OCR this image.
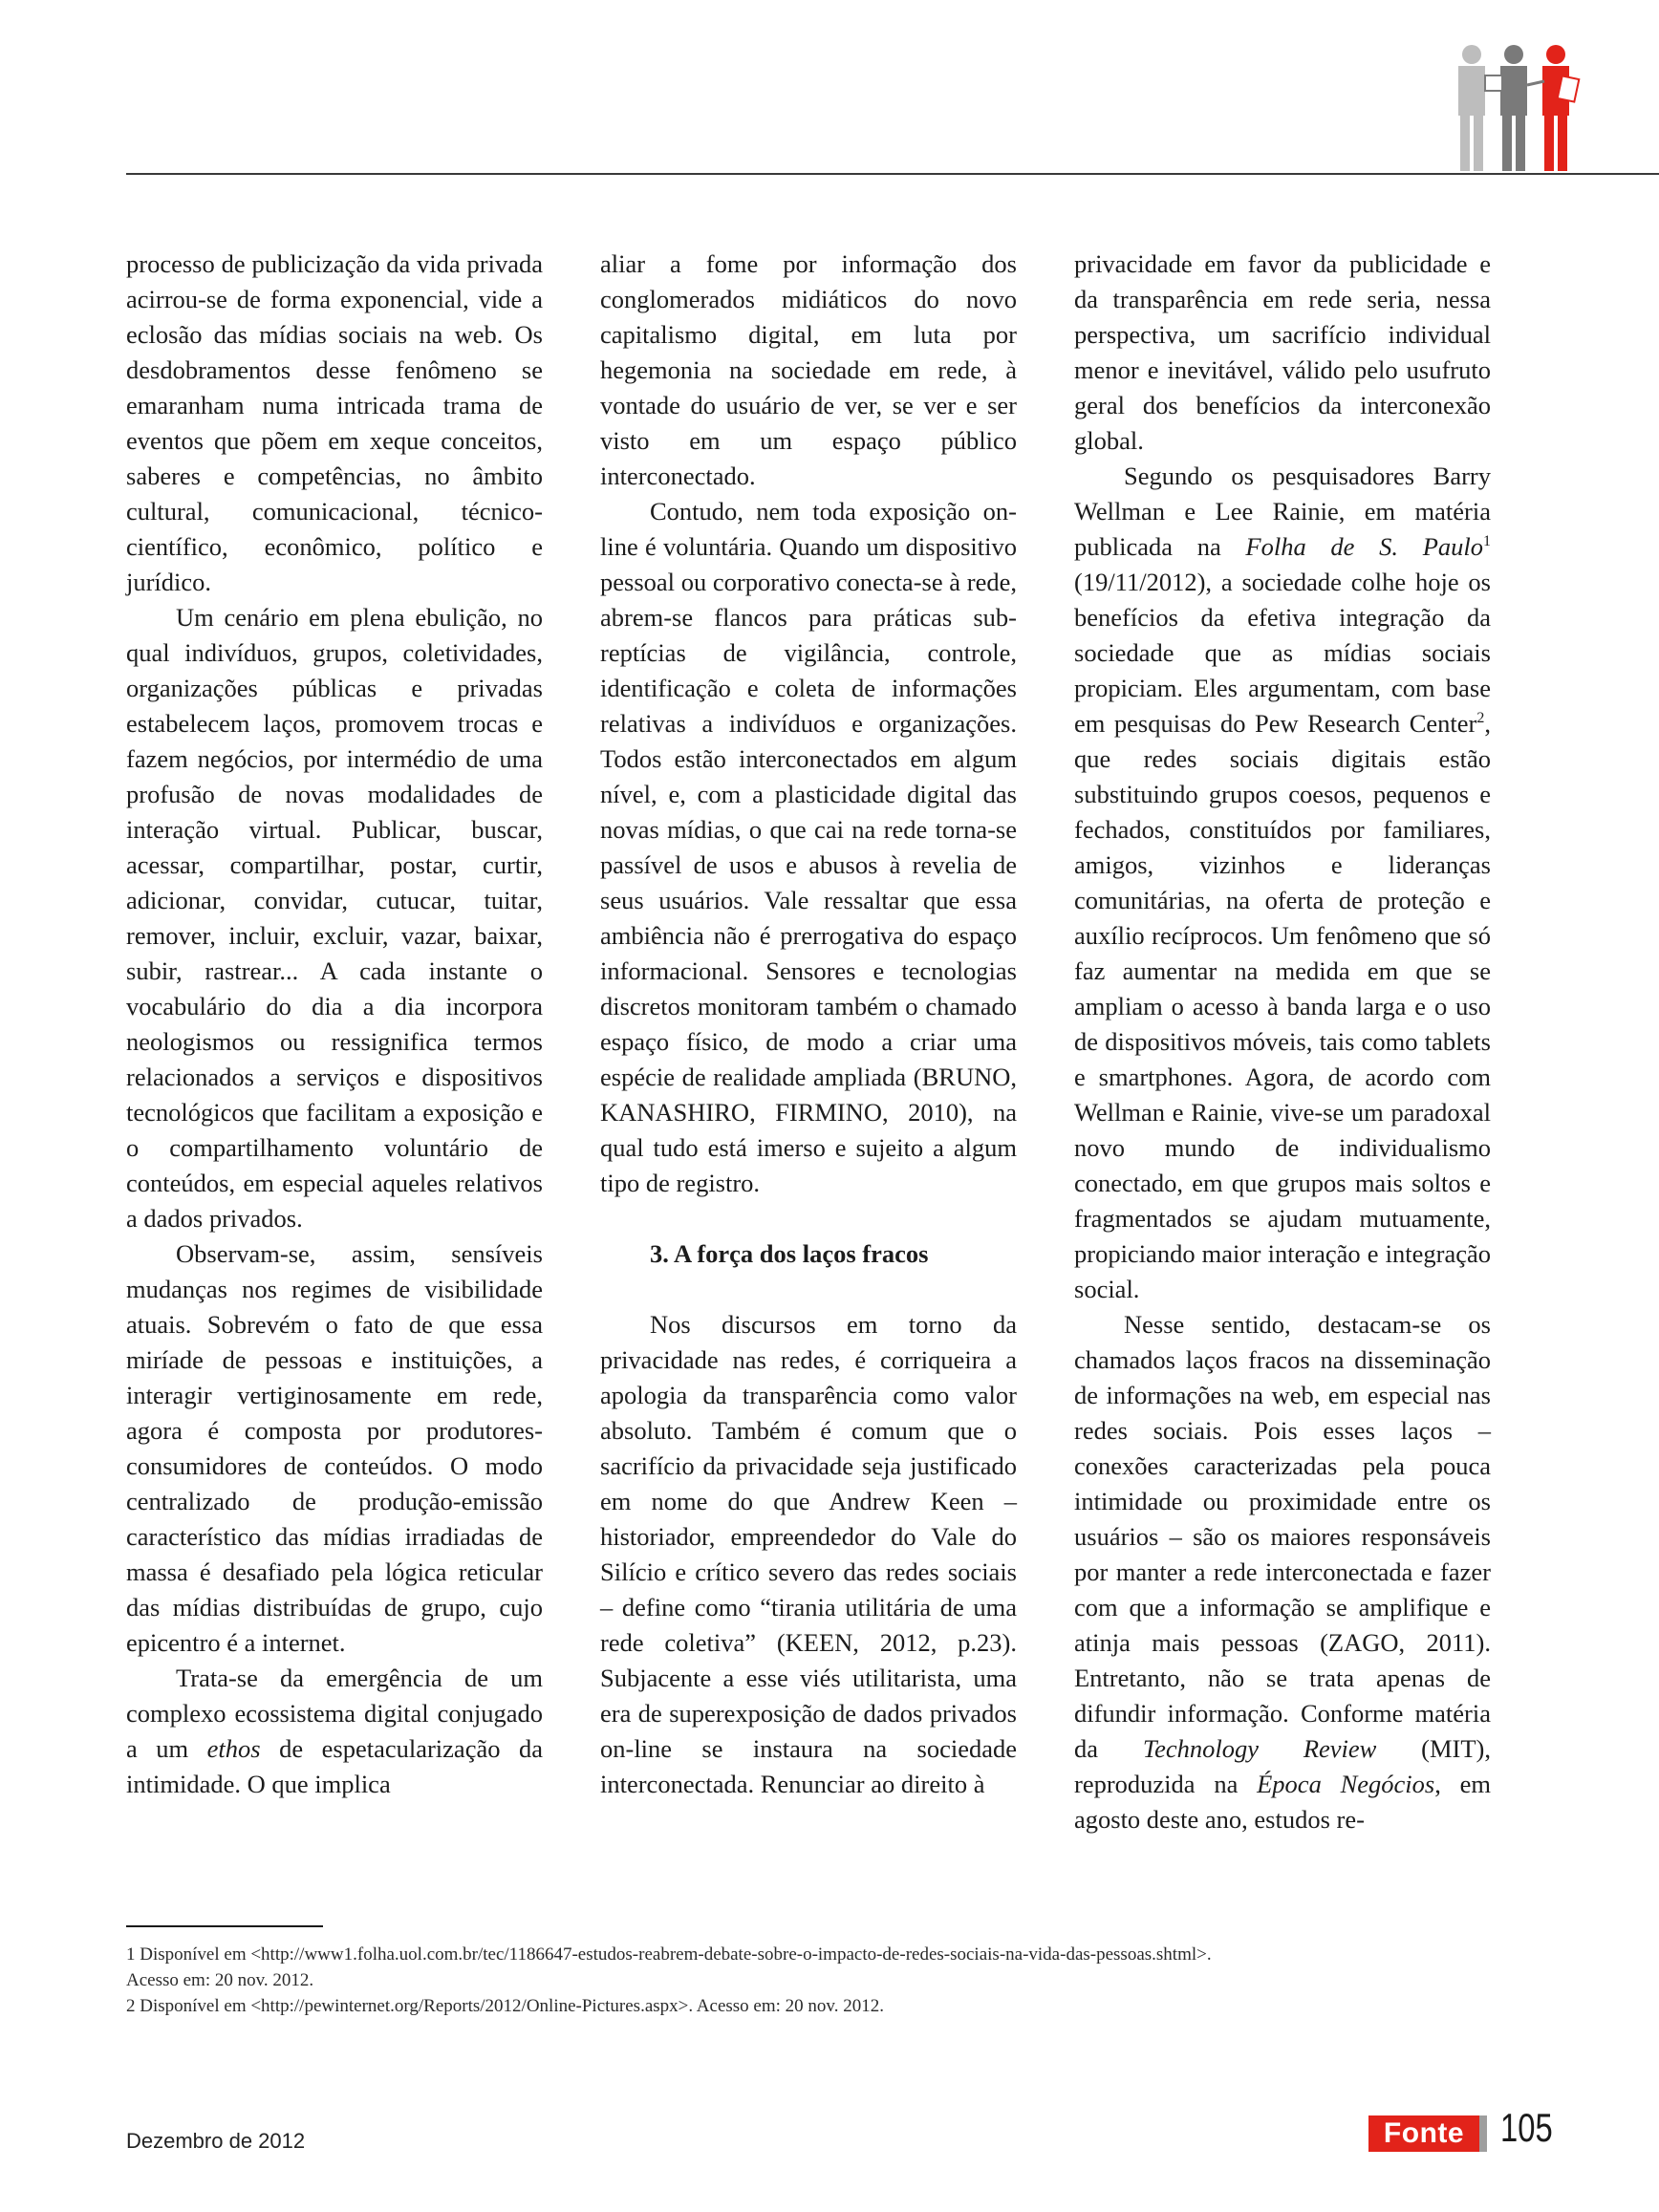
processo de publicização da vida privada acirrou-se de forma exponencial, vide a eclosão das mídias sociais na web. Os desdobramentos desse fenômeno se emaranham numa intricada trama de eventos que põem em xeque conceitos, saberes e competências, no âmbito cultural, comunicacional, técnico-científico, econômico, político e jurídico.

Um cenário em plena ebulição, no qual indivíduos, grupos, coletividades, organizações públicas e privadas estabelecem laços, promovem trocas e fazem negócios, por intermédio de uma profusão de novas modalidades de interação virtual. Publicar, buscar, acessar, compartilhar, postar, curtir, adicionar, convidar, cutucar, tuitar, remover, incluir, excluir, vazar, baixar, subir, rastrear... A cada instante o vocabulário do dia a dia incorpora neologismos ou ressignifica termos relacionados a serviços e dispositivos tecnológicos que facilitam a exposição e o compartilhamento voluntário de conteúdos, em especial aqueles relativos a dados privados.

Observam-se, assim, sensíveis mudanças nos regimes de visibilidade atuais. Sobrevém o fato de que essa miríade de pessoas e instituições, a interagir vertiginosamente em rede, agora é composta por produtores-consumidores de conteúdos. O modo centralizado de produção-emissão característico das mídias irradiadas de massa é desafiado pela lógica reticular das mídias distribuídas de grupo, cujo epicentro é a internet.

Trata-se da emergência de um complexo ecossistema digital conjugado a um ethos de espetacularização da intimidade. O que implica

aliar a fome por informação dos conglomerados midiáticos do novo capitalismo digital, em luta por hegemonia na sociedade em rede, à vontade do usuário de ver, se ver e ser visto em um espaço público interconectado.

Contudo, nem toda exposição on-line é voluntária. Quando um dispositivo pessoal ou corporativo conecta-se à rede, abrem-se flancos para práticas sub-reptícias de vigilância, controle, identificação e coleta de informações relativas a indivíduos e organizações. Todos estão interconectados em algum nível, e, com a plasticidade digital das novas mídias, o que cai na rede torna-se passível de usos e abusos à revelia de seus usuários. Vale ressaltar que essa ambiência não é prerrogativa do espaço informacional. Sensores e tecnologias discretos monitoram também o chamado espaço físico, de modo a criar uma espécie de realidade ampliada (BRUNO, KANASHIRO, FIRMINO, 2010), na qual tudo está imerso e sujeito a algum tipo de registro.

3. A força dos laços fracos

Nos discursos em torno da privacidade nas redes, é corriqueira a apologia da transparência como valor absoluto. Também é comum que o sacrifício da privacidade seja justificado em nome do que Andrew Keen – historiador, empreendedor do Vale do Silício e crítico severo das redes sociais – define como “tirania utilitária de uma rede coletiva” (KEEN, 2012, p.23). Subjacente a esse viés utilitarista, uma era de superexposição de dados privados on-line se instaura na sociedade interconectada. Renunciar ao direito à

privacidade em favor da publicidade e da transparência em rede seria, nessa perspectiva, um sacrifício individual menor e inevitável, válido pelo usufruto geral dos benefícios da interconexão global.

Segundo os pesquisadores Barry Wellman e Lee Rainie, em matéria publicada na Folha de S. Paulo$^1$ (19/11/2012), a sociedade colhe hoje os benefícios da efetiva integração da sociedade que as mídias sociais propiciam. Eles argumentam, com base em pesquisas do Pew Research Center$^2$, que redes sociais digitais estão substituindo grupos coesos, pequenos e fechados, constituídos por familiares, amigos, vizinhos e lideranças comunitárias, na oferta de proteção e auxílio recíprocos. Um fenômeno que só faz aumentar na medida em que se ampliam o acesso à banda larga e o uso de dispositivos móveis, tais como tablets e smartphones. Agora, de acordo com Wellman e Rainie, vive-se um paradoxal novo mundo de individualismo conectado, em que grupos mais soltos e fragmentados se ajudam mutuamente, propiciando maior interação e integração social.

Nesse sentido, destacam-se os chamados laços fracos na disseminação de informações na web, em especial nas redes sociais. Pois esses laços – conexões caracterizadas pela pouca intimidade ou proximidade entre os usuários – são os maiores responsáveis por manter a rede interconectada e fazer com que a informação se amplifique e atinja mais pessoas (ZAGO, 2011). Entretanto, não se trata apenas de difundir informação. Conforme matéria da Technology Review (MIT), reproduzida na Época Negócios, em agosto deste ano, estudos re-

1 Disponível em <http://www1.folha.uol.com.br/tec/1186647-estudos-reabrem-debate-sobre-o-impacto-de-redes-sociais-na-vida-das-pessoas.shtml>.

Acesso em: 20 nov. 2012.

2 Disponível em <http://pewinternet.org/Reports/2012/Online-Pictures.aspx>. Acesso em: 20 nov. 2012.

Dezembro de 2012	Fonte 105
